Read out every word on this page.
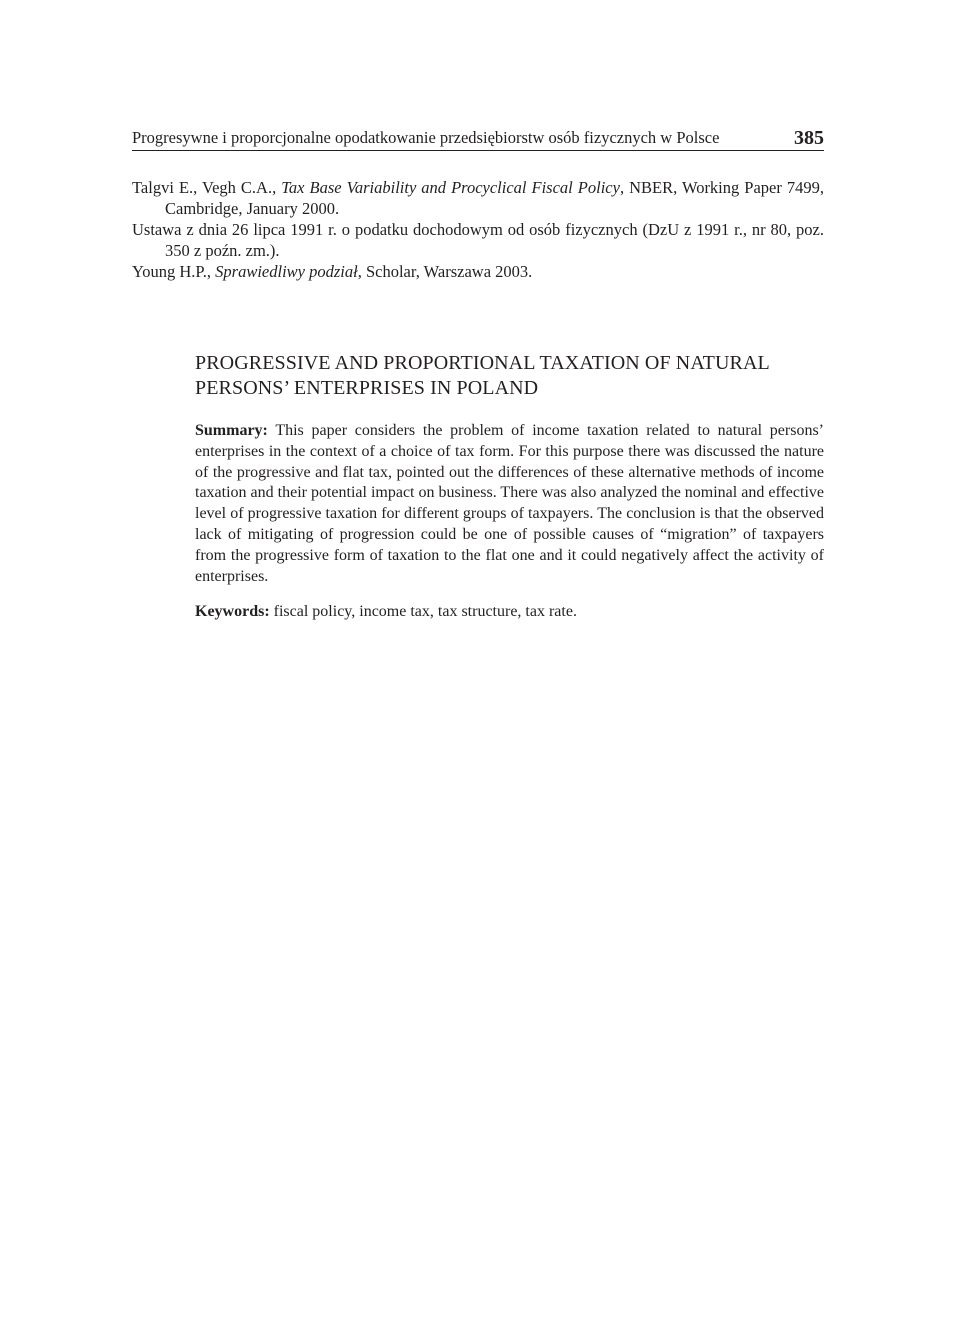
Progresywne i proporcjonalne opodatkowanie przedsiębiorstw osób fizycznych w Polsce	385

Talgvi E., Vegh C.A., Tax Base Variability and Procyclical Fiscal Policy, NBER, Working Paper 7499, Cambridge, January 2000.

Ustawa z dnia 26 lipca 1991 r. o podatku dochodowym od osób fizycznych (DzU z 1991 r., nr 80, poz. 350 z poźn. zm.).

Young H.P., Sprawiedliwy podział, Scholar, Warszawa 2003.

PROGRESSIVE AND PROPORTIONAL TAXATION OF NATURAL PERSONS’ ENTERPRISES IN POLAND

Summary: This paper considers the problem of income taxation related to natural persons’ enterprises in the context of a choice of tax form. For this purpose there was discussed the nature of the progressive and flat tax, pointed out the differences of these alternative methods of income taxation and their potential impact on business. There was also analyzed the nominal and effective level of progressive taxation for different groups of taxpayers. The conclusion is that the observed lack of mitigating of progression could be one of possible causes of “migration” of taxpayers from the progressive form of taxation to the flat one and it could negatively affect the activity of enterprises.

Keywords: fiscal policy, income tax, tax structure, tax rate.
